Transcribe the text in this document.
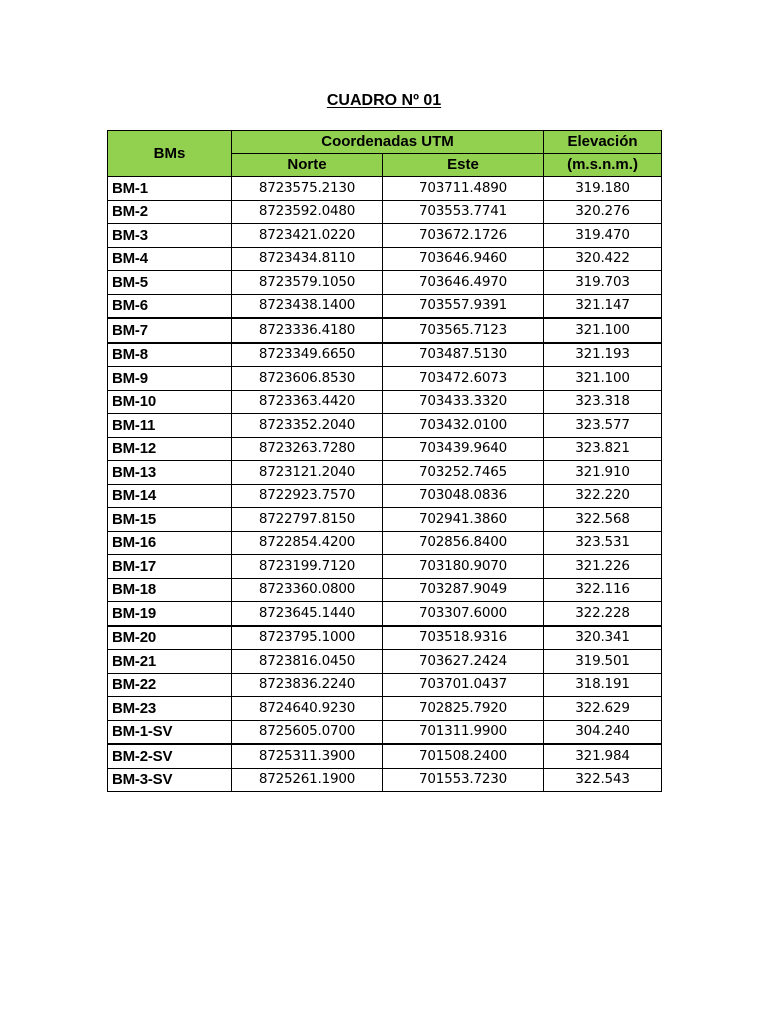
CUADRO Nº 01
BMs	Coordenadas UTM		Elevación
	Norte	Este	(m.s.n.m.)
BM-1	8723575.2130	703711.4890	319.180
BM-2	8723592.0480	703553.7741	320.276
BM-3	8723421.0220	703672.1726	319.470
BM-4	8723434.8110	703646.9460	320.422
BM-5	8723579.1050	703646.4970	319.703
BM-6	8723438.1400	703557.9391	321.147
BM-7	8723336.4180	703565.7123	321.100
BM-8	8723349.6650	703487.5130	321.193
BM-9	8723606.8530	703472.6073	321.100
BM-10	8723363.4420	703433.3320	323.318
BM-11	8723352.2040	703432.0100	323.577
BM-12	8723263.7280	703439.9640	323.821
BM-13	8723121.2040	703252.7465	321.910
BM-14	8722923.7570	703048.0836	322.220
BM-15	8722797.8150	702941.3860	322.568
BM-16	8722854.4200	702856.8400	323.531
BM-17	8723199.7120	703180.9070	321.226
BM-18	8723360.0800	703287.9049	322.116
BM-19	8723645.1440	703307.6000	322.228
BM-20	8723795.1000	703518.9316	320.341
BM-21	8723816.0450	703627.2424	319.501
BM-22	8723836.2240	703701.0437	318.191
BM-23	8724640.9230	702825.7920	322.629
BM-1-SV	8725605.0700	701311.9900	304.240
BM-2-SV	8725311.3900	701508.2400	321.984
BM-3-SV	8725261.1900	701553.7230	322.543
